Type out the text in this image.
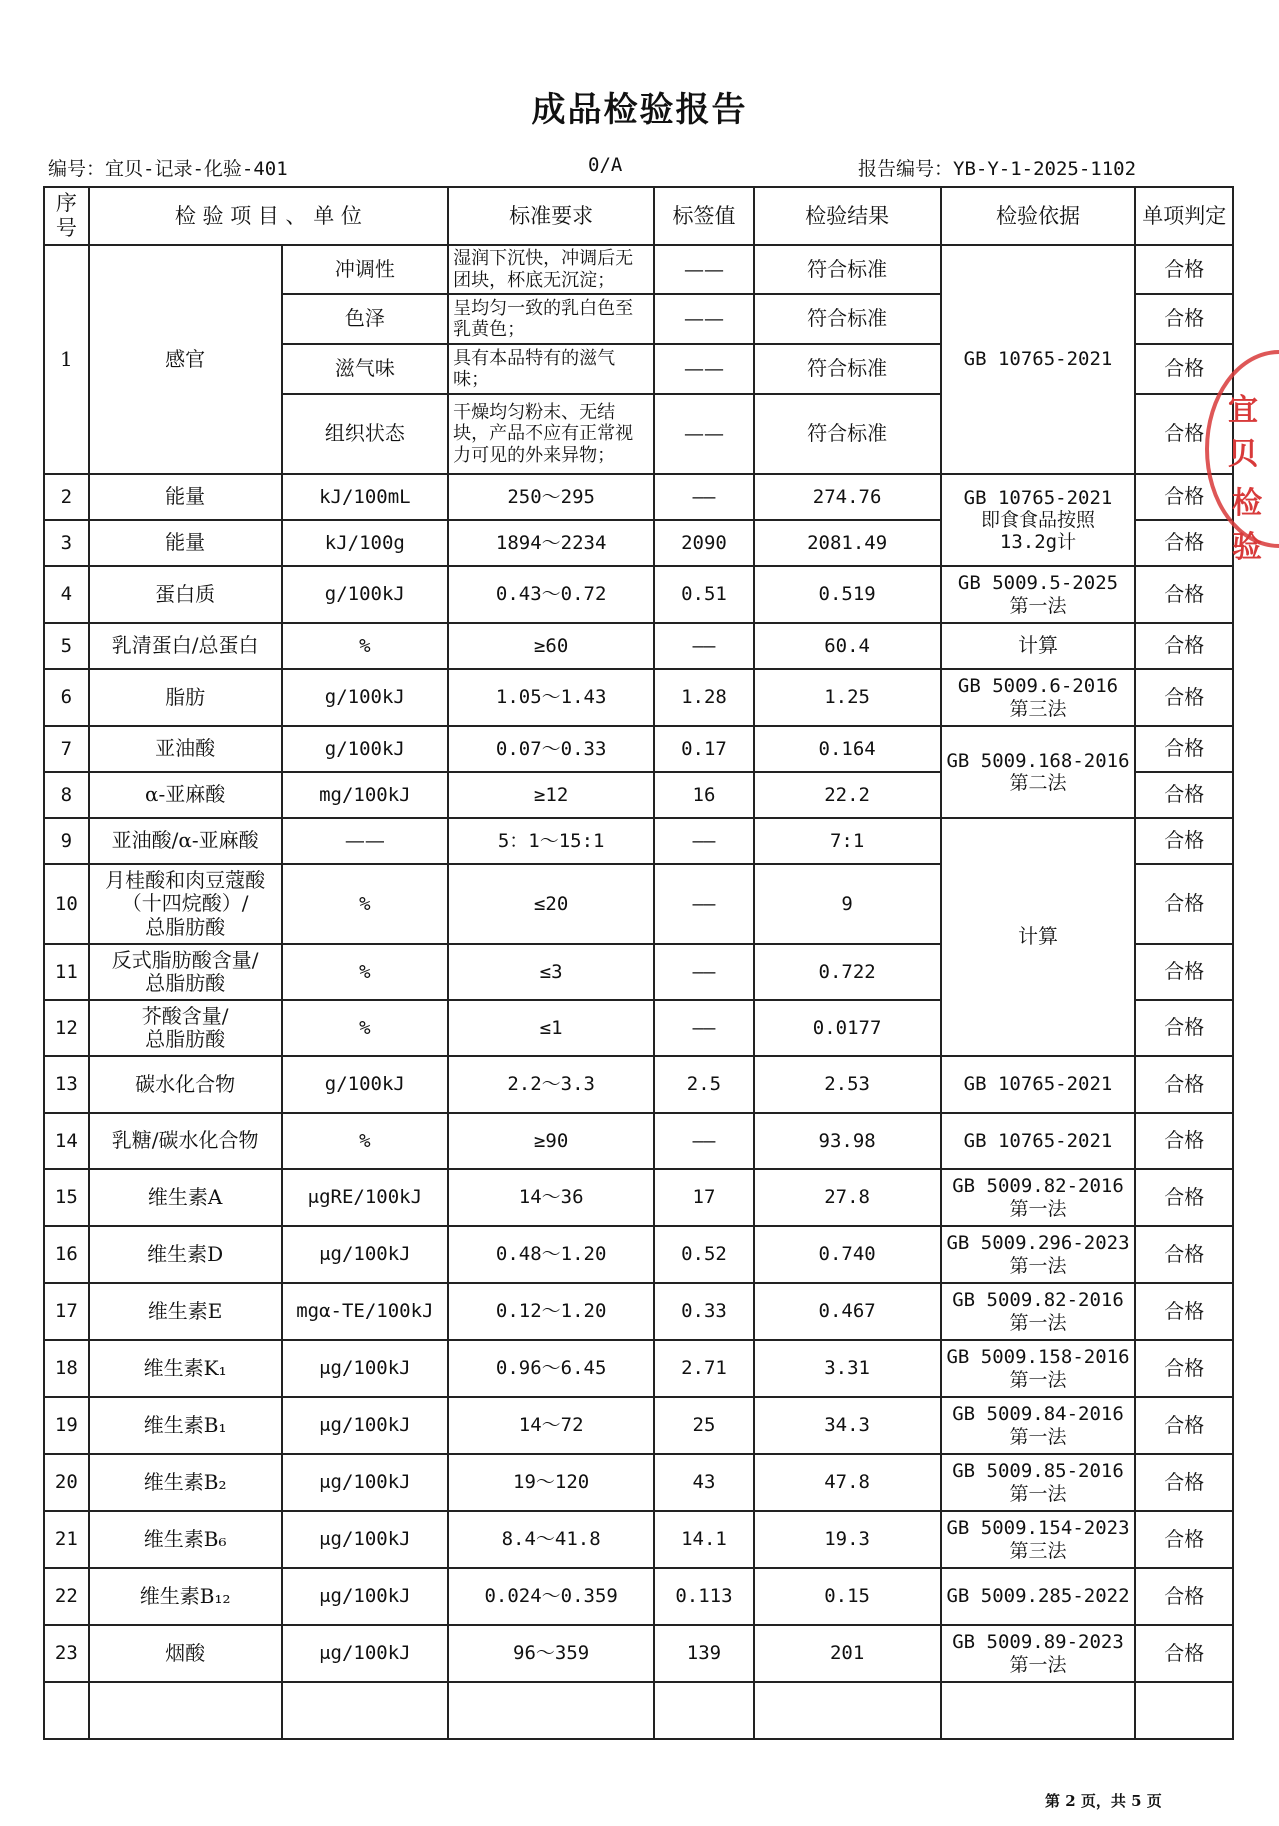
成品检验报告
编号：宜贝-记录-化验-401	0/A	报告编号：YB-Y-1-2025-1102
序号	检 验 项 目 、 单 位		标准要求	标签值	检验结果	检验依据	单项判定
1	感官	冲调性	湿润下沉快，冲调后无团块，杯底无沉淀；	——	符合标准	GB 10765-2021	合格
		色泽	呈均匀一致的乳白色至乳黄色；	——	符合标准		合格
		滋气味	具有本品特有的滋气味；	——	符合标准		合格
		组织状态	干燥均匀粉末、无结块，产品不应有正常视力可见的外来异物；	——	符合标准		合格
2	能量	kJ/100mL	250～295	——	274.76	GB 10765-2021
即食食品按照
13.2g计	合格
3	能量	kJ/100g	1894～2234	2090	2081.49		合格
4	蛋白质	g/100kJ	0.43～0.72	0.51	0.519	GB 5009.5-2025
第一法	合格
5	乳清蛋白/总蛋白	%	≥60	——	60.4	计算	合格
6	脂肪	g/100kJ	1.05～1.43	1.28	1.25	GB 5009.6-2016
第三法	合格
7	亚油酸	g/100kJ	0.07～0.33	0.17	0.164	GB 5009.168-2016
第二法	合格
8	α-亚麻酸	mg/100kJ	≥12	16	22.2		合格
9	亚油酸/α-亚麻酸	——	5：1～15:1	——	7:1	计算	合格
10	月桂酸和肉豆蔻酸
（十四烷酸）/
总脂肪酸	%	≤20	——	9		合格
11	反式脂肪酸含量/
总脂肪酸	%	≤3	——	0.722		合格
12	芥酸含量/
总脂肪酸	%	≤1	——	0.0177		合格
13	碳水化合物	g/100kJ	2.2～3.3	2.5	2.53	GB 10765-2021	合格
14	乳糖/碳水化合物	%	≥90	——	93.98	GB 10765-2021	合格
15	维生素A	μgRE/100kJ	14～36	17	27.8	GB 5009.82-2016
第一法	合格
16	维生素D	μg/100kJ	0.48～1.20	0.52	0.740	GB 5009.296-2023
第一法	合格
17	维生素E	mgα-TE/100kJ	0.12～1.20	0.33	0.467	GB 5009.82-2016
第一法	合格
18	维生素K₁	μg/100kJ	0.96～6.45	2.71	3.31	GB 5009.158-2016
第一法	合格
19	维生素B₁	μg/100kJ	14～72	25	34.3	GB 5009.84-2016
第一法	合格
20	维生素B₂	μg/100kJ	19～120	43	47.8	GB 5009.85-2016
第一法	合格
21	维生素B₆	μg/100kJ	8.4～41.8	14.1	19.3	GB 5009.154-2023
第三法	合格
22	维生素B₁₂	μg/100kJ	0.024～0.359	0.113	0.15	GB 5009.285-2022	合格
23	烟酸	μg/100kJ	96～359	139	201	GB 5009.89-2023
第一法	合格

宜贝
检验
第 2 页，共 5 页
